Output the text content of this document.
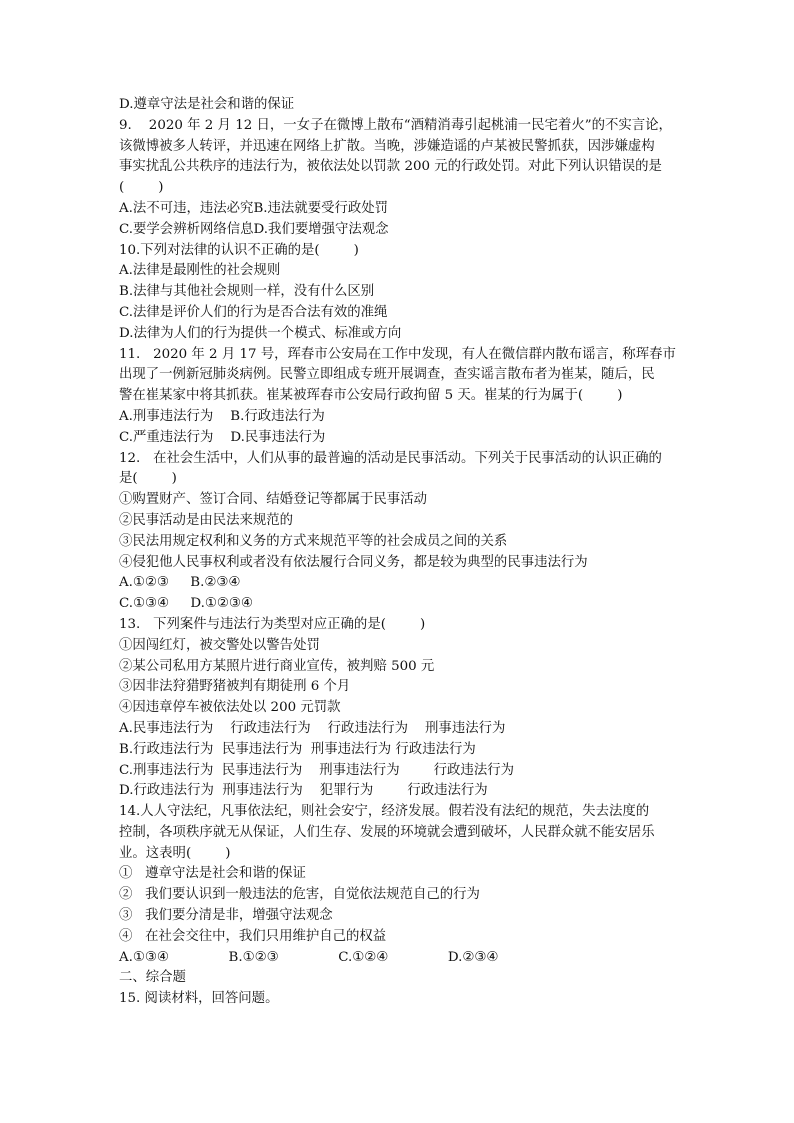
D.遵章守法是社会和谐的保证
9.    2020 年 2 月 12 日，一女子在微博上散布“酒精消毒引起桃浦一民宅着火”的不实言论，
该微博被多人转评，并迅速在网络上扩散。当晚，涉嫌造谣的卢某被民警抓获，因涉嫌虚构
事实扰乱公共秩序的违法行为，被依法处以罚款 200 元的行政处罚。对此下列认识错误的是
(        )
A.法不可违，违法必究B.违法就要受行政处罚
C.要学会辨析网络信息D.我们要增强守法观念
10.下列对法律的认识不正确的是(        )
A.法律是最刚性的社会规则
B.法律与其他社会规则一样，没有什么区别
C.法律是评价人们的行为是否合法有效的准绳
D.法律为人们的行为提供一个模式、标准或方向
11.   2020 年 2 月 17 号，珲春市公安局在工作中发现，有人在微信群内散布谣言，称珲春市
出现了一例新冠肺炎病例。民警立即组成专班开展调查，查实谣言散布者为崔某，随后，民
警在崔某家中将其抓获。崔某被珲春市公安局行政拘留 5 天。崔某的行为属于(        )
A.刑事违法行为    B.行政违法行为
C.严重违法行为    D.民事违法行为
12.   在社会生活中，人们从事的最普遍的活动是民事活动。下列关于民事活动的认识正确的
是(        )
①购置财产、签订合同、结婚登记等都属于民事活动
②民事活动是由民法来规范的
③民法用规定权利和义务的方式来规范平等的社会成员之间的关系
④侵犯他人民事权利或者没有依法履行合同义务，都是较为典型的民事违法行为
A.①②③     B.②③④
C.①③④     D.①②③④
13.   下列案件与违法行为类型对应正确的是(        )
①因闯红灯，被交警处以警告处罚
②某公司私用方某照片进行商业宣传，被判赔 500 元
③因非法狩猎野猪被判有期徒刑 6 个月
④因违章停车被依法处以 200 元罚款
A.民事违法行为    行政违法行为    行政违法行为    刑事违法行为
B.行政违法行为  民事违法行为  刑事违法行为 行政违法行为
C.刑事违法行为  民事违法行为    刑事违法行为        行政违法行为
D.行政违法行为  刑事违法行为    犯罪行为        行政违法行为
14.人人守法纪，凡事依法纪，则社会安宁，经济发展。假若没有法纪的规范，失去法度的
控制，各项秩序就无从保证，人们生存、发展的环境就会遭到破坏，人民群众就不能安居乐
业。这表明(        )
①   遵章守法是社会和谐的保证
②   我们要认识到一般违法的危害，自觉依法规范自己的行为
③   我们要分清是非，增强守法观念
④   在社会交往中，我们只用维护自己的权益
A.①③④              B.①②③              C.①②④              D.②③④
二、综合题
15. 阅读材料，回答问题。
